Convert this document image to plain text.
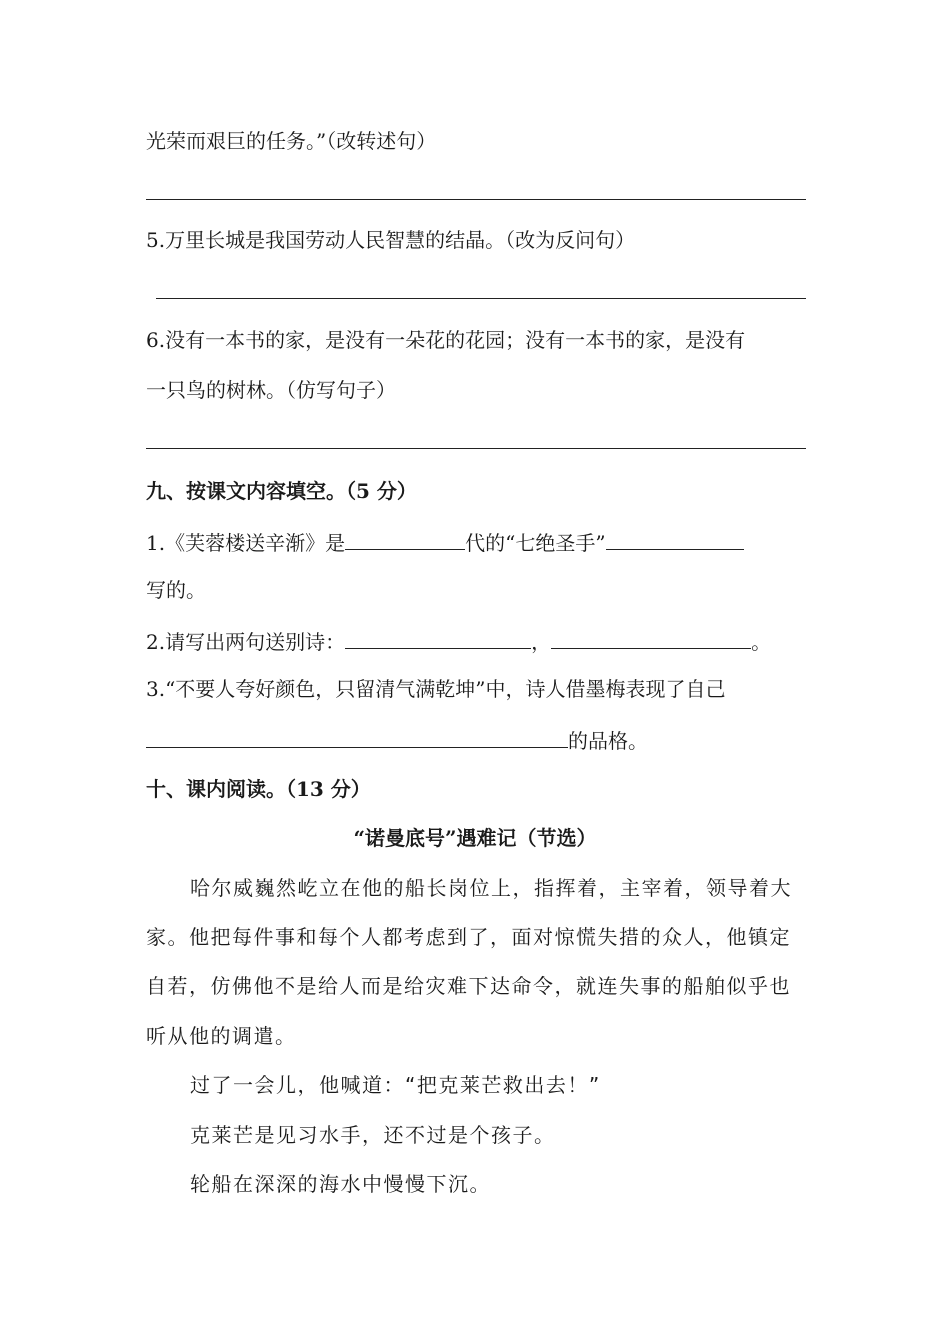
光荣而艰巨的任务。”（改转述句）
5.万里长城是我国劳动人民智慧的结晶。（改为反问句）
6.没有一本书的家，是没有一朵花的花园；没有一本书的家，是没有
一只鸟的树林。（仿写句子）
九、按课文内容填空。（5 分）
1.《芙蓉楼送辛渐》是	代的“七绝圣手”
写的。
2.请写出两句送别诗：	，	。
3.“不要人夸好颜色，只留清气满乾坤”中，诗人借墨梅表现了自己
的品格。
十、课内阅读。（13 分）
“诺曼底号”遇难记（节选）
哈尔威巍然屹立在他的船长岗位上，指挥着，主宰着，领导着大
家。他把每件事和每个人都考虑到了，面对惊慌失措的众人，他镇定
自若，仿佛他不是给人而是给灾难下达命令，就连失事的船舶似乎也
听从他的调遣。
过了一会儿，他喊道：“把克莱芒救出去！”
克莱芒是见习水手，还不过是个孩子。
轮船在深深的海水中慢慢下沉。
